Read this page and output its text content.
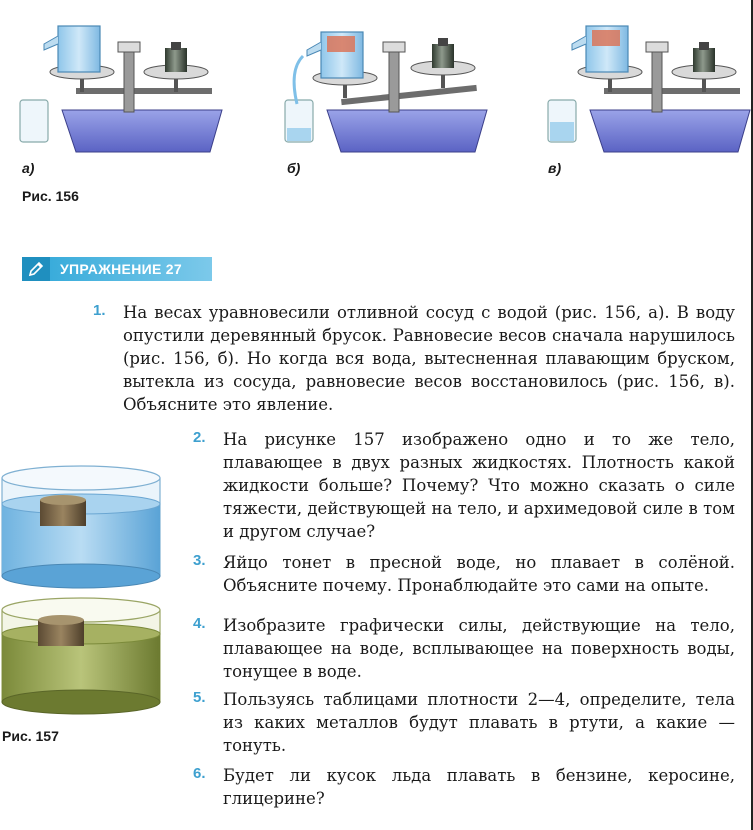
а)	б)	в)
Рис. 156
УПРАЖНЕНИЕ 27
1.	На весах уравновесили отливной сосуд с водой (рис. 156, а). В воду опустили деревянный брусок. Равновесие весов сначала нарушилось (рис. 156, б). Но когда вся вода, вытесненная плавающим бруском, вытекла из сосуда, равновесие весов восстановилось (рис. 156, в). Объясните это явление.
Рис. 157
2.	На рисунке 157 изображено одно и то же тело, плавающее в двух разных жидкостях. Плотность какой жидкости больше? Почему? Что можно сказать о силе тяжести, действующей на тело, и архимедовой силе в том и другом случае?
3.	Яйцо тонет в пресной воде, но плавает в солёной. Объясните почему. Пронаблюдайте это сами на опыте.
4.	Изобразите графически силы, действующие на тело, плавающее на воде, всплывающее на поверхность воды, тонущее в воде.
5.	Пользуясь таблицами плотности 2—4, определите, тела из каких металлов будут плавать в ртути, а какие — тонуть.
6.	Будет ли кусок льда плавать в бензине, керосине, глицерине?
